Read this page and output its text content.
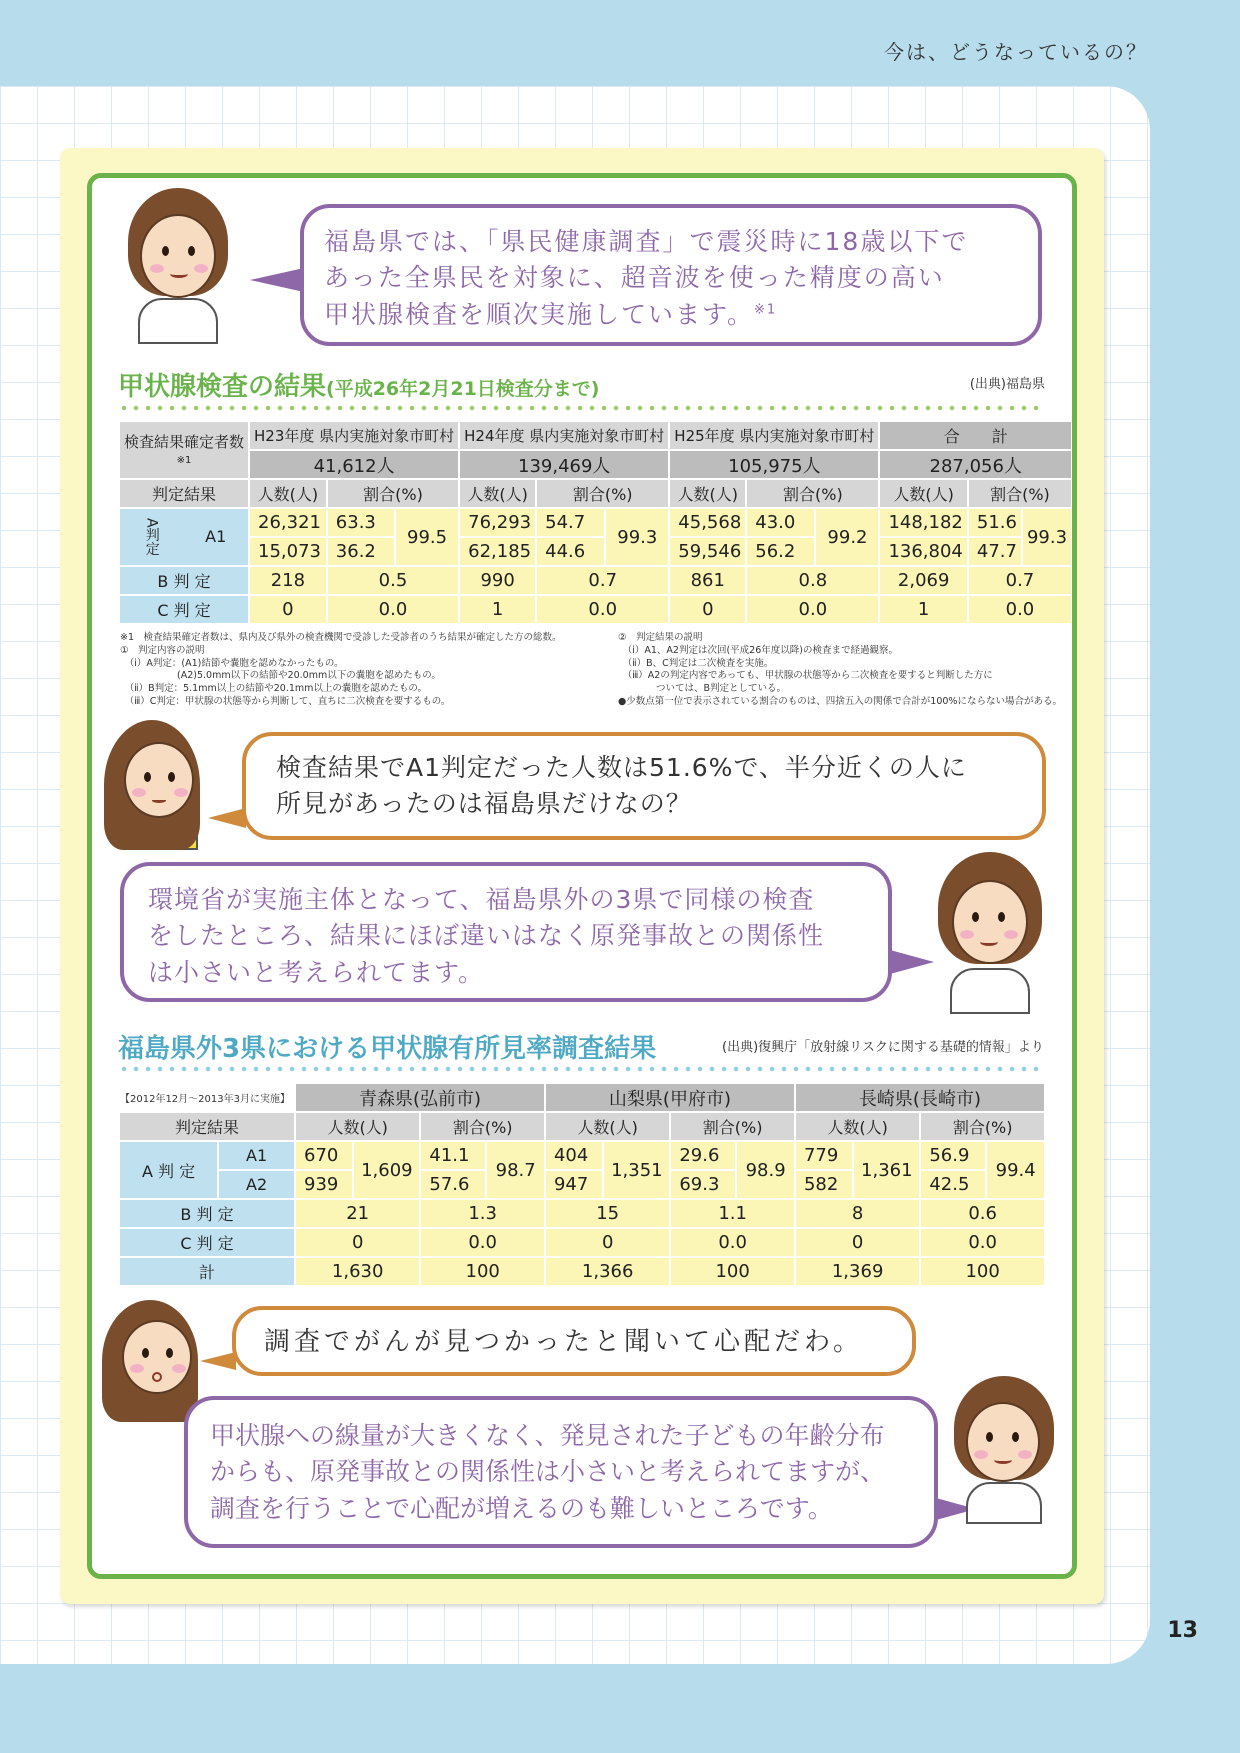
今は、どうなっているの？
13
福島県では、「県民健康調査」で震災時に18歳以下で
あった全県民を対象に、超音波を使った精度の高い
甲状腺検査を順次実施しています。$^{※1}$
甲状腺検査の結果(平成26年2月21日検査分まで)	(出典)福島県
検査結果確定者数
※1	H23年度 県内実施対象市町村			H24年度 県内実施対象市町村			H25年度 県内実施対象市町村			合　　計		
	41,612人			139,469人			105,975人			287,056人		
判定結果	人数(人)	割合(%)		人数(人)	割合(%)		人数(人)	割合(%)		人数(人)	割合(%)	

A判定 A1	26,321	63.3	99.5	76,293	54.7	99.3	45,568	43.0	99.2	148,182	51.6	99.3
	15,073	36.2		62,185	44.6		59,546	56.2		136,804	47.7	
B 判 定	218	0.5		990	0.7		861	0.8		2,069	0.7	
C 判 定	0	0.0		1	0.0		0	0.0		1	0.0	
※1　検査結果確定者数は、県内及び県外の検査機関で受診した受診者のうち結果が確定した方の総数。
①　判定内容の説明
　（ⅰ）A判定：(A1)結節や嚢胞を認めなかったもの。
　　　　　　(A2)5.0mm以下の結節や20.0mm以下の嚢胞を認めたもの。
　（ⅱ）B判定：5.1mm以上の結節や20.1mm以上の嚢胞を認めたもの。
　（ⅲ）C判定：甲状腺の状態等から判断して、直ちに二次検査を要するもの。
②　判定結果の説明
　（ⅰ）A1、A2判定は次回(平成26年度以降)の検査まで経過観察。
　（ⅱ）B、C判定は二次検査を実施。
　（ⅲ）A2の判定内容であっても、甲状腺の状態等から二次検査を要すると判断した方に
　　　　ついては、B判定としている。
●少数点第一位で表示されている割合のものは、四捨五入の関係で合計が100%にならない場合がある。
検査結果でA1判定だった人数は51.6%で、半分近くの人に
所見があったのは福島県だけなの？
環境省が実施主体となって、福島県外の3県で同様の検査
をしたところ、結果にほぼ違いはなく原発事故との関係性
は小さいと考えられてます。
福島県外3県における甲状腺有所見率調査結果	(出典)復興庁「放射線リスクに関する基礎的情報」より
【2012年12月〜2013年3月に実施】		青森県(弘前市)				山梨県(甲府市)				長崎県(長崎市)			
判定結果		人数(人)		割合(%)		人数(人)		割合(%)		人数(人)		割合(%)	
A 判 定	A1	670	1,609	41.1	98.7	404	1,351	29.6	98.9	779	1,361	56.9	99.4
	A2	939		57.6		947		69.3		582		42.5	
B 判 定		21		1.3		15		1.1		8		0.6	
C 判 定		0		0.0		0		0.0		0		0.0	
計		1,630		100		1,366		100		1,369		100	
調査でがんが見つかったと聞いて心配だわ。
甲状腺への線量が大きくなく、発見された子どもの年齢分布
からも、原発事故との関係性は小さいと考えられてますが、
調査を行うことで心配が増えるのも難しいところです。
